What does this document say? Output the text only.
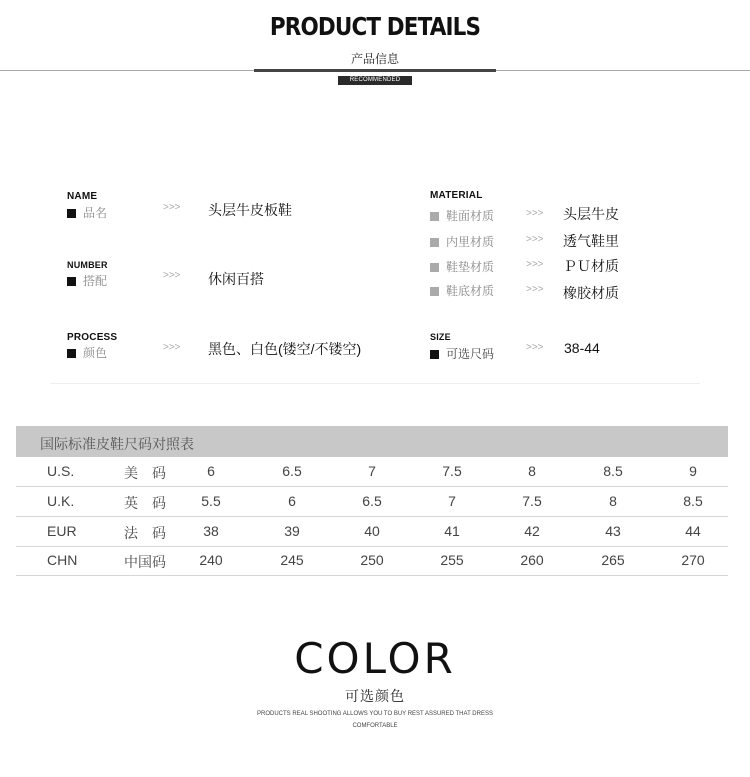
PRODUCT DETAILS
产品信息
RECOMMENDED
NAME
品名	>>> 头层牛皮板鞋
NUMBER
搭配	>>> 休闲百搭
PROCESS
颜色	>>> 黑色、白色(镂空/不镂空)
MATERIAL
鞋面材质	>>> 头层牛皮
内里材质	>>> 透气鞋里
鞋垫材质	>>> ＰＵ材质
鞋底材质	>>> 橡胶材质
SIZE
可选尺码	>>> 38-44
国际标准皮鞋尺码对照表
U.S.	美　码	6	6.5	7	7.5	8	8.5	9
U.K.	英　码	5.5	6	6.5	7	7.5	8	8.5
EUR	法　码	38	39	40	41	42	43	44
CHN	中国码	240	245	250	255	260	265	270
COLOR
可选颜色
PRODUCTS REAL SHOOTING ALLOWS YOU TO BUY REST ASSURED THAT DRESS
COMFORTABLE
